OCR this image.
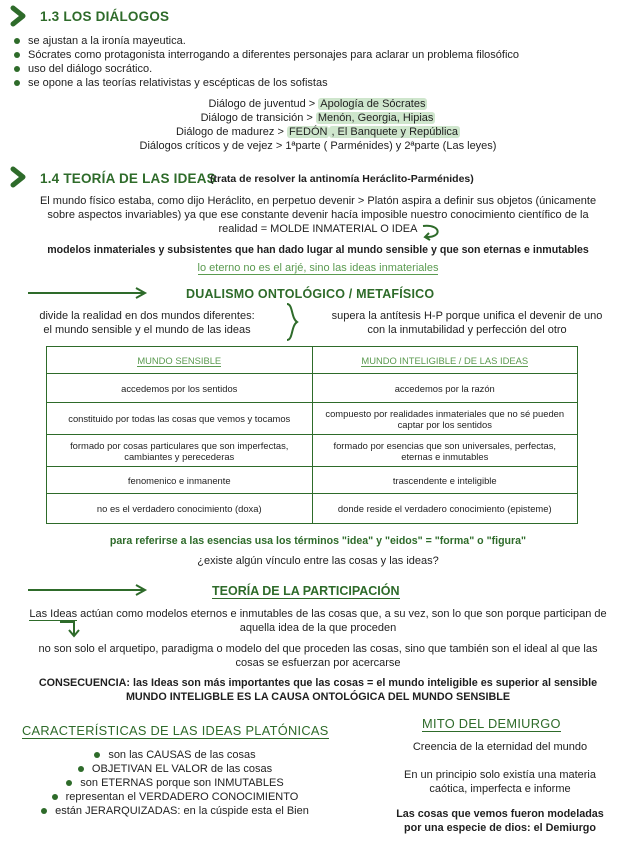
1.3 LOS DIÁLOGOS
se ajustan a la ironía mayeutica.
Sócrates como protagonista interrogando a diferentes personajes para aclarar un problema filosófico
uso del diálogo socrático.
se opone a las teorías relativistas y escépticas de los sofistas
Diálogo de juventud > Apología de Sócrates
Diálogo de transición > Menón, Georgia, Hipias
Diálogo de madurez > FEDÓN , El Banquete y República
Diálogos críticos y de vejez > 1ªparte ( Parménides) y 2ªparte (Las leyes)
1.4 TEORÍA DE LAS IDEAS
(trata de resolver la antinomía Heráclito-Parménides)
El mundo físico estaba, como dijo Heráclito, en perpetuo devenir > Platón aspira a definir sus objetos (únicamente
sobre aspectos invariables) ya que ese constante devenir hacía imposible nuestro conocimiento científico de la
realidad = MOLDE INMATERIAL O IDEA
modelos inmateriales y subsistentes que han dado lugar al mundo sensible y que son eternas e inmutables
lo eterno no es el arjé, sino las ideas inmateriales
DUALISMO ONTOLÓGICO / METAFÍSICO
divide la realidad en dos mundos diferentes:
el mundo sensible y el mundo de las ideas
supera la antítesis H-P porque unifica el devenir de uno
con la inmutabilidad y perfección del otro
MUNDO SENSIBLE	MUNDO INTELIGIBLE / DE LAS IDEAS
accedemos por los sentidos	accedemos por la razón
constituido por todas las cosas que vemos y tocamos	compuesto por realidades inmateriales que no sé pueden captar por los sentidos
formado por cosas particulares que son imperfectas, cambiantes y perecederas	formado por esencias que son universales, perfectas, eternas e inmutables
fenomenico e inmanente	trascendente e inteligible
no es el verdadero conocimiento (doxa)	donde reside el verdadero conocimiento (episteme)
para referirse a las esencias usa los términos "idea" y "eidos" = "forma" o "figura"
¿existe algún vínculo entre las cosas y las ideas?
TEORÍA DE LA PARTICIPACIÓN
Las Ideas actúan como modelos eternos e inmutables de las cosas que, a su vez, son lo que son porque participan de
aquella idea de la que proceden
no son solo el arquetipo, paradigma o modelo del que proceden las cosas, sino que también son el ideal al que las
cosas se esfuerzan por acercarse
CONSECUENCIA: las Ideas son más importantes que las cosas = el mundo inteligible es superior al sensible
MUNDO INTELIGBLE ES LA CAUSA ONTOLÓGICA DEL MUNDO SENSIBLE
CARACTERÍSTICAS DE LAS IDEAS PLATÓNICAS
son las CAUSAS de las cosas
OBJETIVAN EL VALOR de las cosas
son ETERNAS porque son INMUTABLES
representan el VERDADERO CONOCIMIENTO
están JERARQUIZADAS: en la cúspide esta el Bien
MITO DEL DEMIURGO
Creencia de la eternidad del mundo
En un principio solo existía una materia
caótica, imperfecta e informe
Las cosas que vemos fueron modeladas
por una especie de dios: el Demiurgo
